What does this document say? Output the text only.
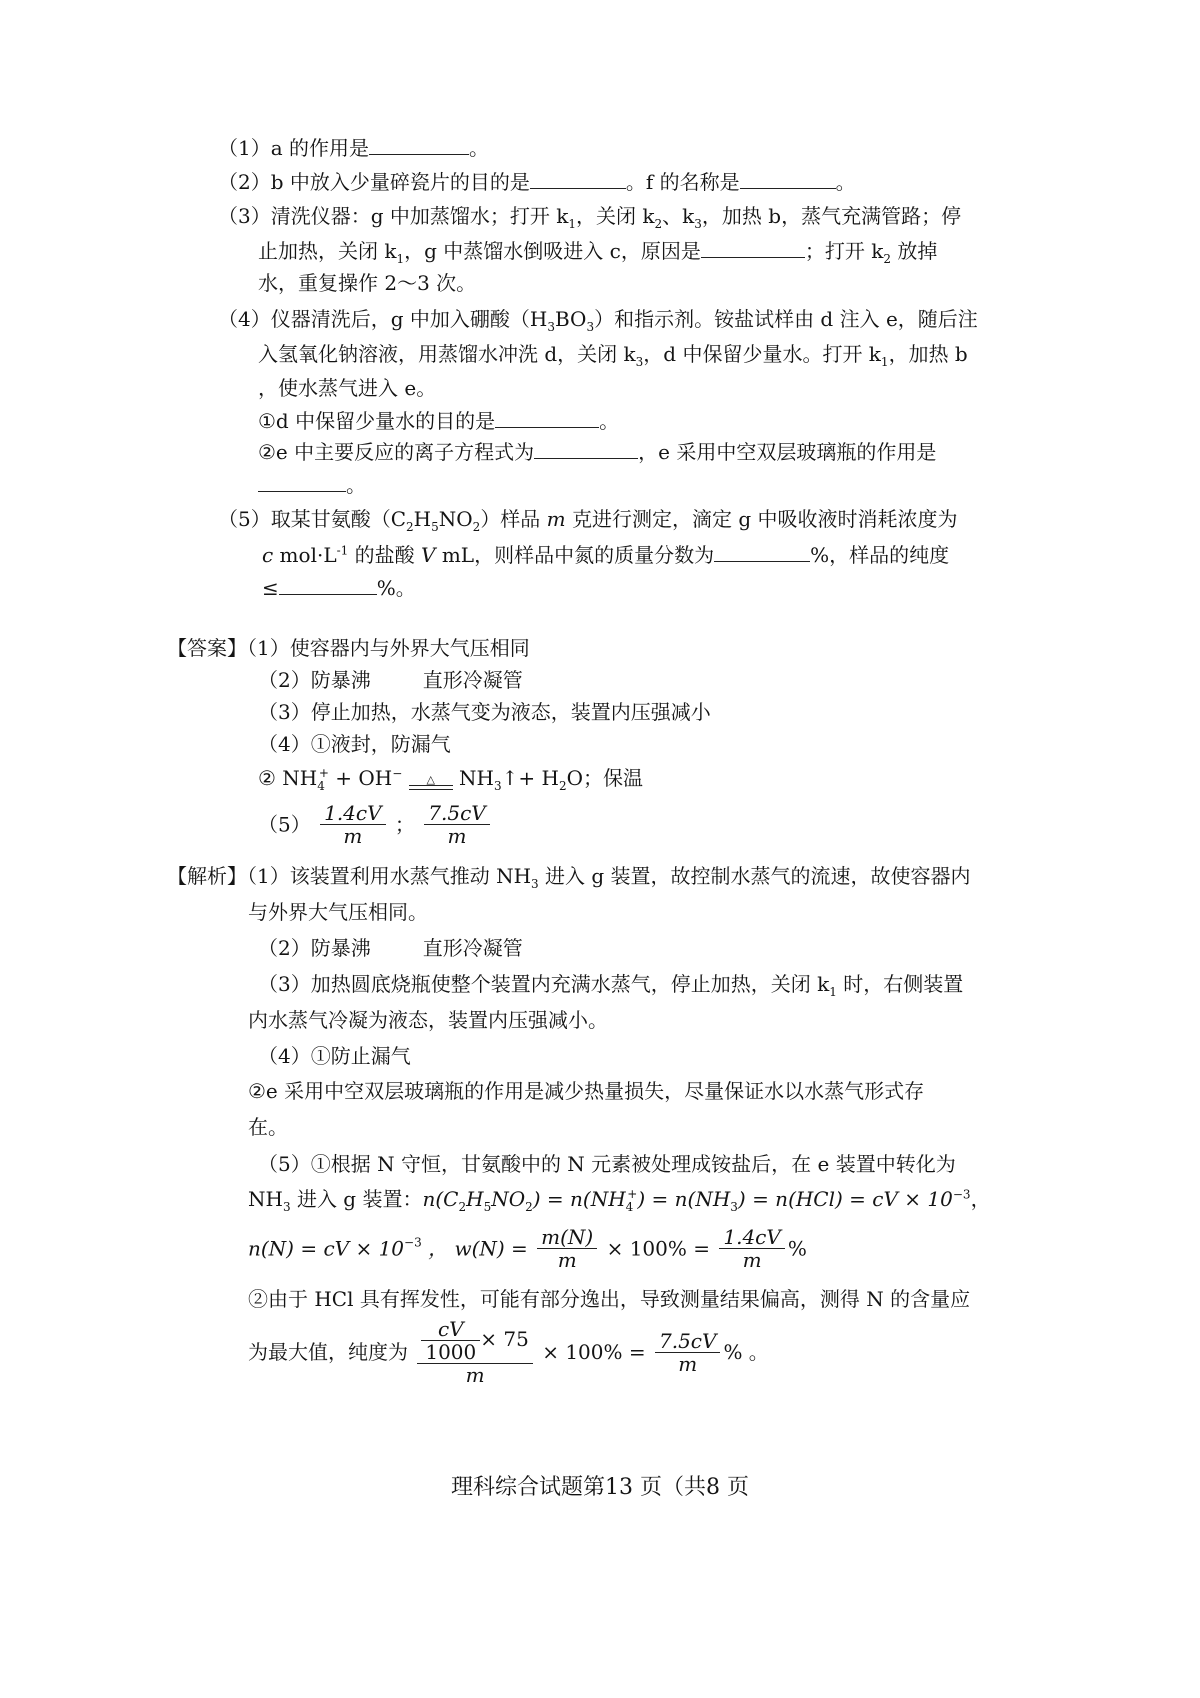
（1）a 的作用是	。
（2）b 中放入少量碎瓷片的目的是	。f 的名称是	。
（3）清洗仪器：g 中加蒸馏水；打开 $k_1$，关闭 $k_2$、$k_3$，加热 b，蒸气充满管路；停
止加热，关闭 $k_1$，g 中蒸馏水倒吸进入 c，原因是	；打开 $k_2$ 放掉
水，重复操作 2～3 次。
（4）仪器清洗后，g 中加入硼酸$(H_3BO_3)$和指示剂。铵盐试样由 d 注入 e，随后注
入氢氧化钠溶液，用蒸馏水冲洗 d，关闭 $k_3$，d 中保留少量水。打开 $k_1$，加热 b
，使水蒸气进入 e。
①d 中保留少量水的目的是	。
②e 中主要反应的离子方程式为	，e 采用中空双层玻璃瓶的作用是
。
（5）取某甘氨酸$(C_2H_5NO_2)$样品 m 克进行测定，滴定 g 中吸收液时消耗浓度为
c $mol\cdot L^{-1}$ 的盐酸 V mL，则样品中氮的质量分数为	%，样品的纯度
≤	%。
【答案】（1）使容器内与外界大气压相同
（2）防暴沸	直形冷凝管
（3）停止加热，水蒸气变为液态，装置内压强减小
（4）①液封，防漏气
② $NH_4^+ + OH^-$	△	$NH_3↑+ H_2O$；保温
$(5) \frac{1.4cV}{m}$ ； $\frac{7.5cV}{m}$
【解析】（1）该装置利用水蒸气推动 $NH_3$ 进入 g 装置，故控制水蒸气的流速，故使容器内
与外界大气压相同。
（2）防暴沸	直形冷凝管
（3）加热圆底烧瓶使整个装置内充满水蒸气，停止加热，关闭 $k_1$ 时，右侧装置
内水蒸气冷凝为液态，装置内压强减小。
（4）①防止漏气
②e 采用中空双层玻璃瓶的作用是减少热量损失，尽量保证水以水蒸气形式存
在。
（5）①根据 N 守恒，甘氨酸中的 N 元素被处理成铵盐后，在 e 装置中转化为
$NH_3$ 进入 g 装置：$n(C_2H_5NO_2) = n(NH_4^+) = n(NH_3) = n(HCl)$ = cV × $10^{-3}$，
n(N) = cV × $10^{-3}$ ， $w(N) = \frac{m(N)}{m} \times 100\% = \frac{1.4cV}{m}$ %
②由于 HCl 具有挥发性，可能有部分逸出，导致测量结果偏高，测得 N 的含量应
为最大值，纯度为 $\frac{\frac{cV}{1000} \times 75}{m} \times 100\% = \frac{7.5cV}{m}$ % 。
理科综合试题第13 页（共8 页
